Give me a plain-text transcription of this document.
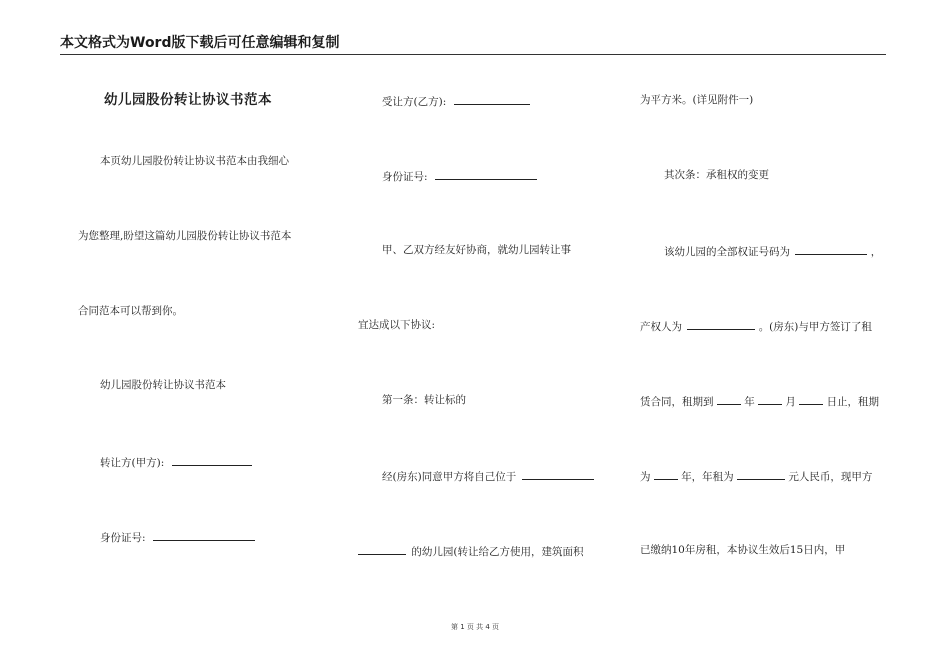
本文格式为Word版下载后可任意编辑和复制
幼儿园股份转让协议书范本
本页幼儿园股份转让协议书范本由我细心
为您整理,盼望这篇幼儿园股份转让协议书范本
合同范本可以帮到你。
幼儿园股份转让协议书范本
转让方(甲方):
身份证号:
受让方(乙方):
身份证号:
甲、乙双方经友好协商，就幼儿园转让事
宜达成以下协议:
第一条：转让标的
经(房东)同意甲方将自己位于
的幼儿园(转让给乙方使用，建筑面积
为平方米。(详见附件一)
其次条：承租权的变更
该幼儿园的全部权证号码为	，
产权人为	。(房东)与甲方签订了租
赁合同，租期到	年	月	日止，租期
为	年，年租为	元人民币，现甲方
已缴纳10年房租，本协议生效后15日内，甲
第 1 页 共 4 页
